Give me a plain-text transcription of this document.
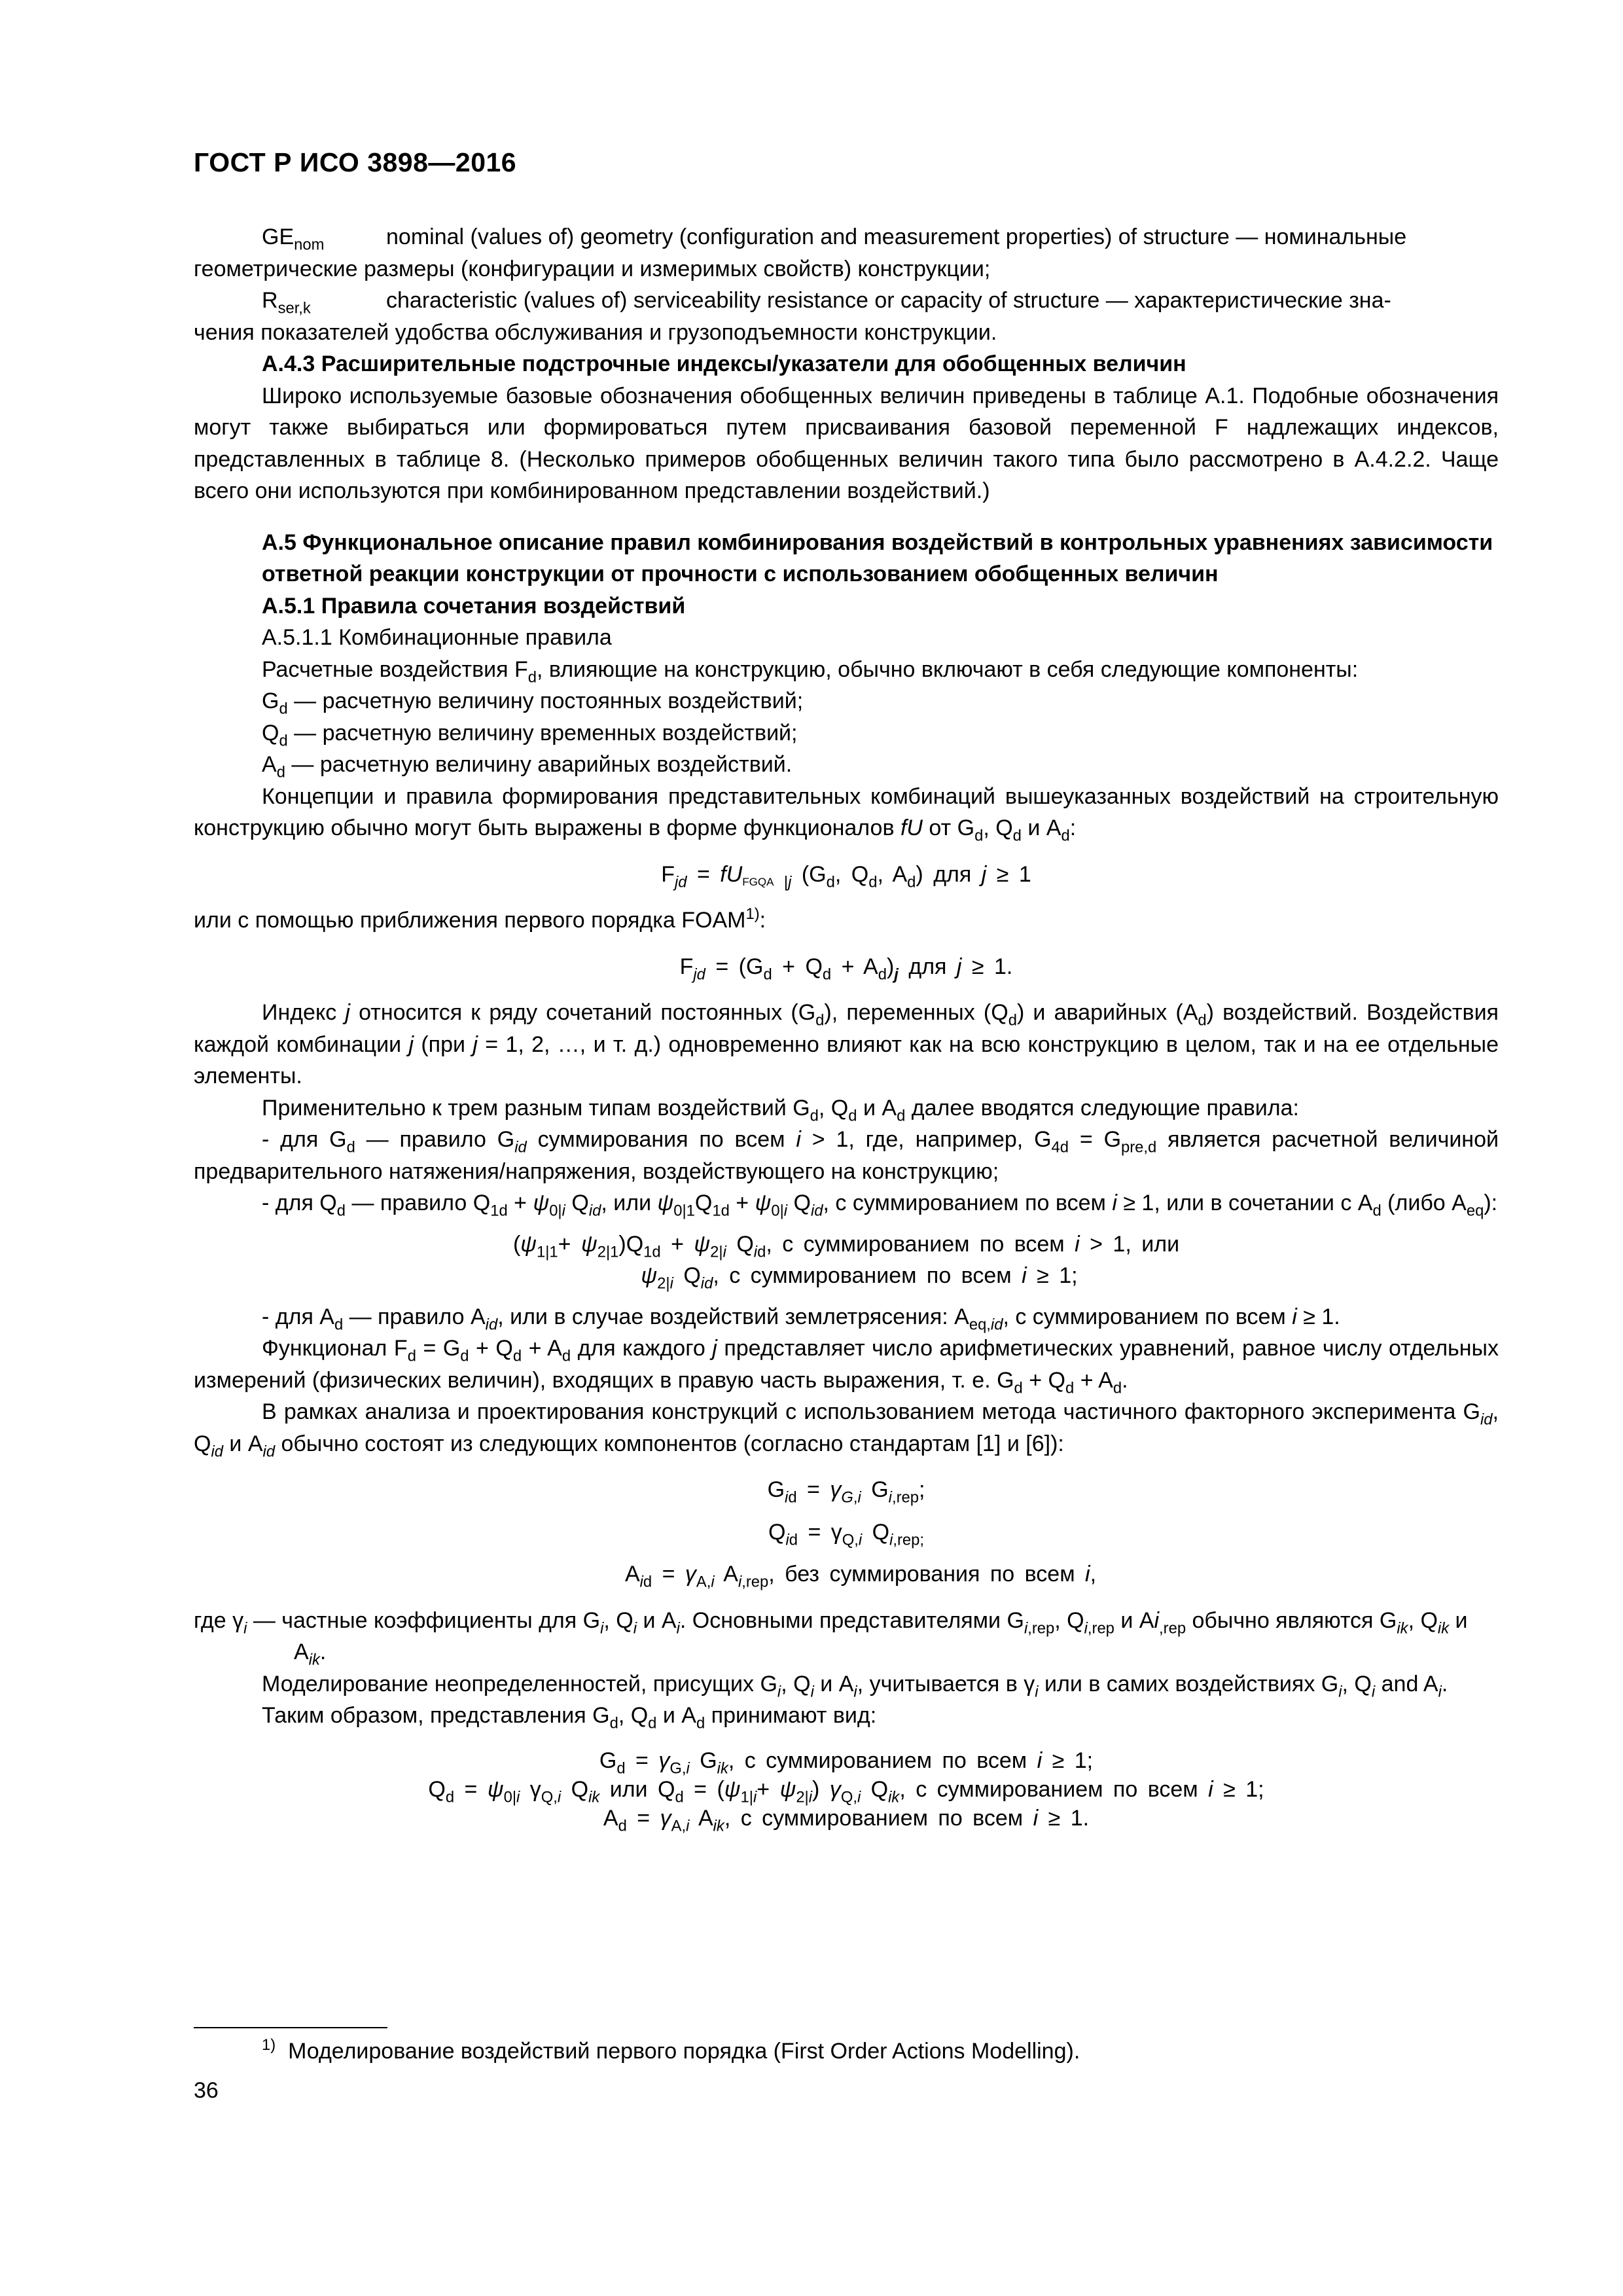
ГОСТ Р ИСО 3898—2016

$GE_{nom}$	nominal (values of) geometry (configuration and measurement properties) of structure — номинальные
геометрические размеры (конфигурации и измеримых свойств) конструкции;

$R_{ser,k}$	characteristic (values of) serviceability resistance or capacity of structure — характеристические зна-
чения показателей удобства обслуживания и грузоподъемности конструкции.

А.4.3 Расширительные подстрочные индексы/указатели для обобщенных величин

Широко используемые базовые обозначения обобщенных величин приведены в таблице А.1. Подобные обозначения могут также выбираться или формироваться путем присваивания базовой переменной F надлежащих индексов, представленных в таблице 8. (Несколько примеров обобщенных величин такого типа было рассмотрено в А.4.2.2. Чаще всего они используются при комбинированном представлении воздействий.)

А.5 Функциональное описание правил комбинирования воздействий в контрольных уравнениях зависимости ответной реакции конструкции от прочности с использованием обобщенных величин

А.5.1 Правила сочетания воздействий

А.5.1.1 Комбинационные правила

Расчетные воздействия $F_d$, влияющие на конструкцию, обычно включают в себя следующие компоненты:

$G_d$ — расчетную величину постоянных воздействий;

$Q_d$ — расчетную величину временных воздействий;

$A_d$ — расчетную величину аварийных воздействий.

Концепции и правила формирования представительных комбинаций вышеуказанных воздействий на строительную конструкцию обычно могут быть выражены в форме функционалов fU от $G_d$, $Q_d$ и $A_d$:

$F_{jd} = fU_{FGQA}$ $_{|j}$ ($G_d$, $Q_d$, $A_d$) для j ≥ 1

или с помощью приближения первого порядка FOAM$^{1)}$:

$F_{jd} = (G_d + Q_d + A_d)_j$ для j ≥ 1.

Индекс j относится к ряду сочетаний постоянных $(G_d)$, переменных $(Q_d)$ и аварийных $(A_d)$ воздействий. Воздействия каждой комбинации j (при j = 1, 2, …, и т. д.) одновременно влияют как на всю конструкцию в целом, так и на ее отдельные элементы.

Применительно к трем разным типам воздействий $G_d$, $Q_d$ и $A_d$ далее вводятся следующие правила:

- для $G_d$ — правило $G_{id}$ суммирования по всем i > 1, где, например, $G_{4d} = G_{pre,d}$ является расчетной величиной предварительного натяжения/напряжения, воздействующего на конструкцию;

- для $Q_d$ — правило $Q_{1d} + \psi_{0|i}$ $Q_{id}$, или $\psi_{0|1}Q_{1d} + \psi_{0|i}$ $Q_{id}$, с суммированием по всем i ≥ 1, или в сочетании с $A_d$ (либо $A_{eq}$):

$(\psi_{1|1}+ \psi_{2|1})Q_{1d} + \psi_{2|i}$ $Q_{id}$, с суммированием по всем i > 1, или

$\psi_{2|i}$ $Q_{id}$, с суммированием по всем i ≥ 1;

- для $A_d$ — правило $A_{id}$, или в случае воздействий землетрясения: $A_{eq,id}$, с суммированием по всем i ≥ 1.

Функционал $F_d = G_d + Q_d + A_d$ для каждого j представляет число арифметических уравнений, равное числу отдельных измерений (физических величин), входящих в правую часть выражения, т. е. $G_d + Q_d + A_d$.

В рамках анализа и проектирования конструкций с использованием метода частичного факторного эксперимента $G_{id}$, $Q_{id}$ и $A_{id}$ обычно состоят из следующих компонентов (согласно стандартам [1] и [6]):

$G_{id} = \gamma_{G,i}$ $G_{i,rep}$;

$Q_{id} = \gamma_{Q,i}$ $Q_{i,rep;}$

$A_{id} = \gamma_{A,i}$ $A_{i,rep}$, без суммирования по всем i,

где $\gamma_i$ — частные коэффициенты для $G_i$, $Q_i$ и $A_i$. Основными представителями $G_{i,rep}$, $Q_{i,rep}$ и $Ai_{,rep}$ обычно являются $G_{ik}$, $Q_{ik}$ и $A_{ik}$.

Моделирование неопределенностей, присущих $G_i$, $Q_i$ и $A_i$, учитывается в $\gamma_i$ или в самих воздействиях $G_i$, $Q_i$ and $A_i$.

Таким образом, представления $G_d$, $Q_d$ и $A_d$ принимают вид:

$G_d = \gamma_{G,i}$ $G_{ik}$, с суммированием по всем i ≥ 1;

$Q_d = \psi_{0|i}$ $\gamma_{Q,i}$ $Q_{ik}$ или $Q_d = (\psi_{1|i}+ \psi_{2|i})$ $\gamma_{Q,i}$ $Q_{ik}$, с суммированием по всем i ≥ 1;

$A_d = \gamma_{A,i}$ $A_{ik}$, с суммированием по всем i ≥ 1.

$^{1)}$ Моделирование воздействий первого порядка (First Order Actions Modelling).
36
